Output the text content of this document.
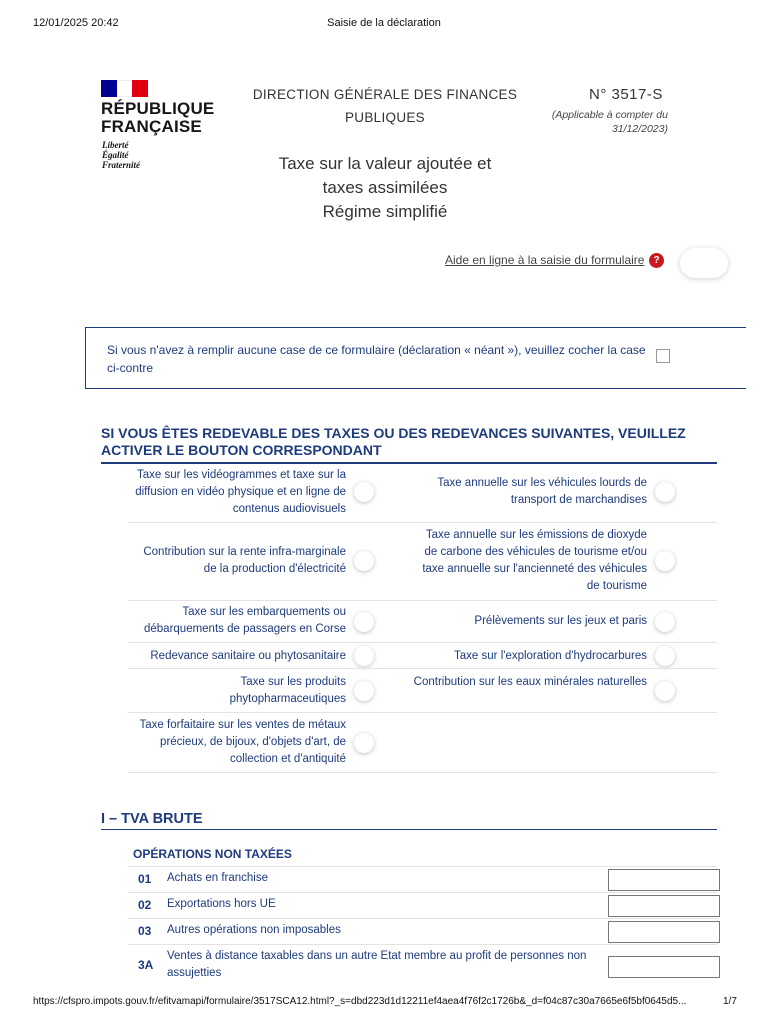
12/01/2025 20:42	Saisie de la déclaration
RÉPUBLIQUE
FRANÇAISE
Liberté
Égalité
Fraternité
DIRECTION GÉNÉRALE DES FINANCES
PUBLIQUES
N° 3517-S
(Applicable à compter du
31/12/2023)
Taxe sur la valeur ajoutée et
taxes assimilées
Régime simplifié
Aide en ligne à la saisie du formulaire ?
Si vous n'avez à remplir aucune case de ce formulaire (déclaration « néant »), veuillez cocher la case ci-contre
SI VOUS ÊTES REDEVABLE DES TAXES OU DES REDEVANCES SUIVANTES, VEUILLEZ ACTIVER LE BOUTON CORRESPONDANT
Taxe sur les vidéogrammes et taxe sur la diffusion en vidéo physique et en ligne de contenus audiovisuels
Contribution sur la rente infra-marginale de la production d'électricité
Taxe sur les embarquements ou débarquements de passagers en Corse
Redevance sanitaire ou phytosanitaire
Taxe sur les produits phytopharmaceutiques
Taxe forfaitaire sur les ventes de métaux précieux, de bijoux, d'objets d'art, de collection et d'antiquité
Taxe annuelle sur les véhicules lourds de transport de marchandises
Taxe annuelle sur les émissions de dioxyde de carbone des véhicules de tourisme et/ou taxe annuelle sur l'ancienneté des véhicules de tourisme
Prélèvements sur les jeux et paris
Taxe sur l'exploration d'hydrocarbures
Contribution sur les eaux minérales naturelles
I – TVA BRUTE
OPÉRATIONS NON TAXÉES
01 Achats en franchise
02 Exportations hors UE
03 Autres opérations non imposables
3A
Ventes à distance taxables dans un autre Etat membre au profit de personnes non assujetties
https://cfspro.impots.gouv.fr/efitvamapi/formulaire/3517SCA12.html?_s=dbd223d1d12211ef4aea4f76f2c1726b&_d=f04c87c30a7665e6f5bf0645d5...	1/7
